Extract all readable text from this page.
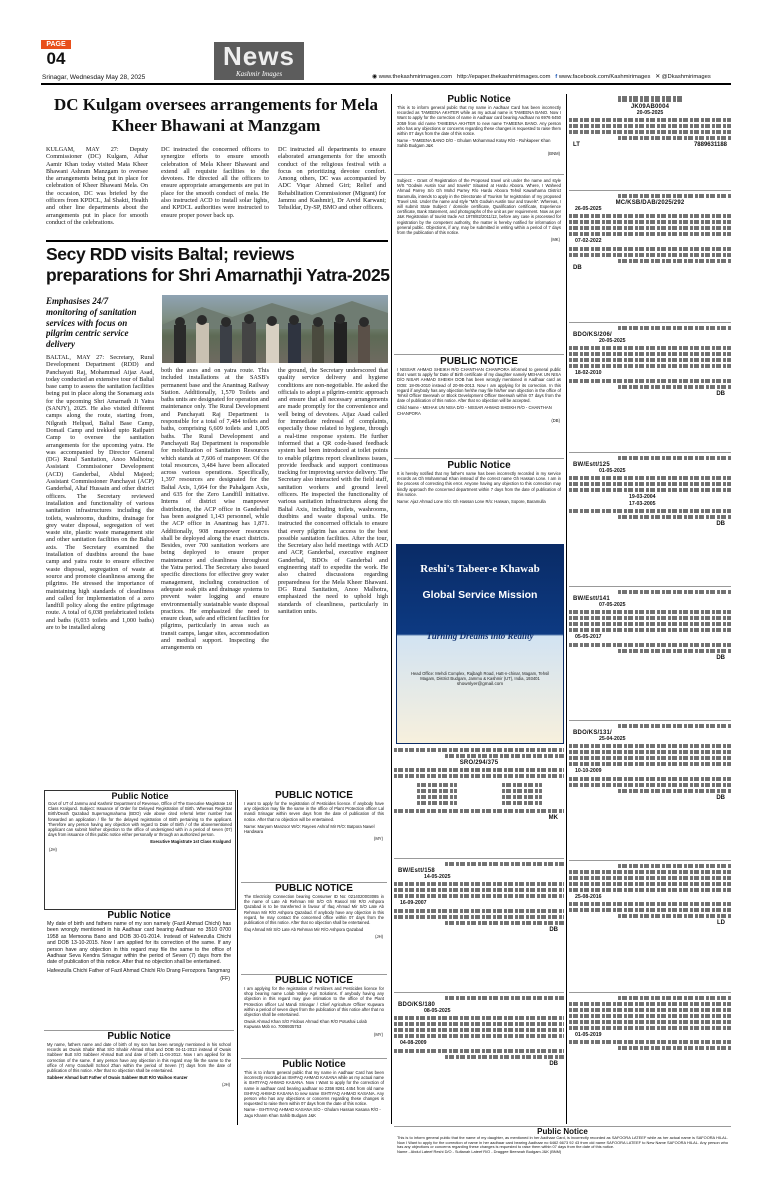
PAGE
04	News
Kashmir Images
Srinagar, Wednesday May 28, 2025	◉ www.thekashmirimages.com http://epaper.thekashmirimages.com f www.facebook.com/Kashmirimages ✕ @Dkashmirimages
DC Kulgam oversees arrangements for Mela Kheer Bhawani at Manzgam
KULGAM, MAY 27: Deputy Commissioner (DC) Kulgam, Athar Aamir Khan today visited Mata Kheer Bhawani Ashram Manzgam to oversee the arrangements being put in place for celebration of Kheer Bhawani Mela. On the occasion, DC was briefed by the officers from KPDCL, Jal Shakti, Health and other line departments about the arrangements put in place for smooth conduct of the celebrations.
DC instructed the concerned officers to synergize efforts to ensure smooth celebration of Mela Kheer Bhawani and extend all requisite facilities to the devotees. He directed all the officers to ensure appropriate arrangements are put in place for the smooth conduct of mela. He also instructed ACD to install solar lights, and KPDCL authorities were instructed to ensure proper power back up.
DC instructed all departments to ensure elaborated arrangements for the smooth conduct of the religious festival with a focus on prioritizing devotee comfort. Among others, DC was accompanied by ADC Viqar Ahmed Giri; Relief and Rehabilitation Commissioner (Migrant) for Jammu and Kashmir), Dr Arvid Karwani; Tehsildar, Dy-SP, BMO and other officers.
Secy RDD visits Baltal; reviews preparations for Shri Amarnathji Yatra-2025
Emphasises 24/7 monitoring of sanitation services with focus on pilgrim centric service delivery
BALTAL, MAY 27: Secretary, Rural Development Department (RDD) and Panchayati Raj, Mohammad Aijaz Asad, today conducted an extensive tour of Baltal base camp to assess the sanitation facilities being put in place along the Sonamarg axis for the upcoming Shri Amarnath Ji Yatra (SANJY), 2025. He also visited different camps along the route, starting from, Nilgrath Helipad, Baltal Base Camp, Domail Camp and trekked upto Railpatri Camp to oversee the sanitation arrangements for the upcoming yatra. He was accompanied by Director General (DG) Rural Sanitation, Anoo Malhotra; Assistant Commissioner Development (ACD) Ganderbal, Abdul Majeed; Assistant Commissioner Panchayat (ACP) Ganderbal, Altaf Hussain and other district officers. The Secretary reviewed installation and functionality of various sanitation infrastructures including the toilets, washrooms, dustbins, drainage for grey water disposal, segregation of wet waste site, plastic waste management site and other sanitation facilities on the Baltal axis. The Secretary examined the installation of dustbins around the base camp and yatra route to ensure effective waste disposal, segregation of waste at source and promote cleanliness among the pilgrims. He stressed the importance of maintaining high standards of cleanliness and called for implementation of a zero landfill policy along the entire pilgrimage route. A total of 6,038 prefabricated toilets and baths (6,033 toilets and 1,000 baths) are to be installed along
both the axes and on yatra route. This included installations at the SASB's permanent base and the Anantnag Railway Station. Additionally, 1,570 Toilets and baths units are designated for operation and maintenance only. The Rural Development and Panchayati Raj Department is responsible for a total of 7,484 toilets and baths, comprising 6,609 toilets and 1,005 baths. The Rural Development and Panchayati Raj Department is responsible for mobilization of Sanitation Resources which stands at 7,606 of manpower. Of the total resources, 3,484 have been allocated across various operations. Specifically, 1,397 resources are designated for the Baltal Axis, 1,664 for the Pahalgam Axis, and 635 for the Zero Landfill initiative. Interns of district wise manpower distribution, the ACP office in Ganderbal has been assigned 1,143 personnel, while the ACP office in Anantnag has 1,871. Additionally, 908 manpower resources shall be deployed along the exact districts. Besides, over 700 sanitation workers are being deployed to ensure proper maintenance and cleanliness throughout the Yatra period. The Secretary also issued specific directions for effective grey water management, including construction of adequate soak pits and drainage systems to prevent water logging and ensure environmentally sustainable waste disposal practices. He emphasized the need to ensure clean, safe and efficient facilities for pilgrims, particularly in areas such as transit camps, langar sites, accommodation and medical support. Inspecting the arrangements on
the ground, the Secretary underscored that quality service delivery and hygiene conditions are non-negotiable. He asked the officials to adopt a pilgrim-centric approach and ensure that all necessary arrangements are made promptly for the convenience and well being of devotees. Aijaz Asad called for immediate redressal of complaints, especially those related to hygiene, through a real-time response system. He further informed that a QR code-based feedback system had been introduced at toilet points to enable pilgrims report cleanliness issues, provide feedback and support continuous tracking for improving service delivery. The Secretary also interacted with the field staff, sanitation workers and ground level officers. He inspected the functionality of various sanitation infrastructures along the Baltal Axis, including toilets, washrooms, dustbins and waste disposal units. He instructed the concerned officials to ensure that every pilgrim has access to the best possible sanitation facilities. After the tour, the Secretary also held meetings with ACD and ACP, Ganderbal, executive engineer Ganderbal, BDOs of Ganderbal and engineering staff to expedite the work. He also chaired discussions regarding preparedness for the Mela Kheer Bhawani. DG Rural Sanitation, Anoo Malhotra, emphasized the need to uphold high standards of cleanliness, particularly in sanitation units.
Public Notice
Govt of UT of Jammu and Kashmir Department of Revenue, Office of The Executive Magistrate 1st Class Kralgund. Subject: Issuance of Order for Delayed Registration of Birth. Whereas Registrar Birth/Death Qazabad Supernagmahama (BDO) vide above cited referral letter number has forwarded an application / file for the delayed registration of Birth pertaining to the applicant. Therefore any person having any objection with regard to Date of Birth / of the abovementioned applicant can submit his/her objection to the office of undersigned with in a period of seven (07) days from issuance of this public notice either personally or through an authorized person.
Executive Magistrate 1st Class Kralgund
(JH)
Public Notice
My date of birth and fathers name of my son namely (Fazil Ahmad Chichi) has been wrongly mentioned in his Aadhaar card bearing Aadhaar no 3510 0700 1958 as Memoona Bano and DOB 30-01-2014. Instead of Hafeezulla Chichi and DOB 13-10-2015. Now I am applied for its correction of the same. If any person have any objection in this regard may file the same to the office of Aadhaar Seva Kendra Srinagar within the period of Seven (7) days from the date of publication of this notice. After that no objection shall be entertained.
Hafeezulla Chichi Father of Fazil Ahmad Chichi R/o Drang Ferozpora Tangmarg
(FF)
Public Notice
My name, fathers name and date of birth of my son has been wrongly mentioned in his school records as Owais Shabir Bhat S/O Shabir Ahmad Bhat and DOB 04-11-2013 instead of Owais Sabbeer Butt S/O Sabbeer Ahmad Butt and date of birth 11-04-2012. Now I am applied for its correction of the same. If any person have any objection in this regard may file the same to the office of Army Goodwill School Zhan within the period of Seven (7) days from the date of publication of this notice. After that no objection shall be entertained.
Sabbeer Ahmad butt Father of Owais Sabbeer Butt R/O Waihoo Kunzer
(JH)
PUBLIC NOTICE
I want to apply for the registration of Pesticides licence. If anybody have any objection may file the same in the office of Plant Protection officer Lal mandi Srinagar within seven days from the date of publication of this notice. After that no objection will be entertained.
Name: Maryam Manzoor W/O: Rayees Ashraf Mir R/O: Batpora Nawel Handwara
(MY)
PUBLIC NOTICE
The Electricity Connection bearing Consumer ID No: 0214020003085 in the name of Late Ab Rehman Mir S/O Gh Rasool Mir R/O Ashpora Qazabad is to be transferred in favour of Ifaq Ahmad Mir S/O Late Ab Rehman Mir R/O Ashpora Qazabad. If anybody have any objection in this regard, he may contact the concerned office within 07 days from the publication of this notice. After that no objection shall be entertained.
Ifaq Ahmad Mir S/O Late Ab Rehman Mir R/O Ashpora Qazabad
(JH)
PUBLIC NOTICE
I am applying for the registration of Fertilizers and Pesticides licence for shop bearing name Lolab Valley Agri Solutions. If anybody having any objection in this regard may give intimation to the office of the Plant Protection officer Lal Mandi Srinagar / Chief Agriculture Officer Kupwara within a period of seven days from the publication of this notice after that no objection shall be entertained.
Owais Ahmad Khan S/O Firdous Ahmad Khan R/O Potushai Lolab Kupwara Mob no. 7006935753
(MY)
Public Notice
This is to inform general public that my name in Aadhaar Card has been incorrectly recorded as ISHFAQ AHMAD KASANA while as my actual name is ISHTIYAQ AHMAD KASANA. Now I Want to apply for the correction of name in aadhaar card bearing aadhaar no 2356 8261 4454 from old name ISHFAQ AHMAD KASANA to new name ISHTIYAQ AHMAD KASANA. Any person who has any objections or concerns regarding these changes is requested to raise them within 07 days from the date of this notice.
Name - ISHTIYAQ AHMAD KASANA S/O - Ghulam Hassan Kasana R/O - Jagu Khanm Khan Sahib Budgam J&K
Public Notice
This is to inform general public that my name in Aadhaar Card has been incorrectly recorded as TAMEENA AKHTER while as my actual name is TAMEENA BANO. Now I Want to apply for the correction of name in Aadhaar card bearing Aadhaar no 6976 6450 2059 from old name TAMEENA AKHTER to new name TAMEENA BANO. Any person who has any objections or concerns regarding these changes is requested to raise them within 07 days from the date of this notice.
Name - TAMEENA BANO D/O - Ghulam Mohammad Kotay R/O - Ruhkapeer Khan Sahib Budgam J&K
(BNM)
Subject: - Grant of Registration of the Proposed travel unit under the name and style M/S "Godwin Austin tour and travels" Situated at Hardu Aboora. Where, I Waheed Ahmad Parrey S/o Gh Mohd Parrey R/o Hardu Aboora Tehsil Kawarhama District Baramulla, intends to apply in the Directorate of Tourism for registration of my proposed Travel Unit. Under the name and style "M/S Godwin Austin tour and travels". Whereas, I will submit State Subject / domicile certificate, Qualification certificate, Experience certificate, Bank Statement, and photographs of the unit as per requirement. Now as per J&K Registration of tourist trade Act 1978/82/2011/12, before any case is processed for registration by the competent authority, the matter is hereby notified for information of general public. Objections, if any, may be submitted in writing within a period of 7 days from the publication of this notice.
(MK)
PUBLIC NOTICE
I NISSAR AHMAD SHEIKH R/O CHANTHAN CHANPORA informed to general public that I want to apply for Date of Birth certificate of my daughter namely MEHAK UN NISA D/O NISAR AHMAD SHEIKH DOB has been wrongly mentioned in Aadhaar card as DOB: 18-05-2010 instead of 20-06-2013. Now I am applying for its correction. In this regard if anybody has any objection he/she may file his/her own objection in the office of Tehsil Officer Beerwah or Block Development Officer Beerwah within 07 days from the date of publication of this notice. After that no objection will be accepted.
Child Name - MEHAK UN NISA D/O - NISSAR AHMAD SHEIKH R/O - CHANTHAN CHANPORA
(DB)
Public Notice
It is hereby notified that my father's name has been incorrectly recorded in my service records as Gh Mohammad Khan instead of the correct name Gh Hassan Lone. I am in the process of correcting this error. Anyone having any objection to this correction may kindly approach the concerned department within 7 days from the date of publication of this notice.
Name: Ajaz Ahmad Lone S/o: Gh Hassan Lone R/o: Harwan, Sopore, Baramulla
Reshi's Tabeer-e Khawab
Global Service Mission
Turning Dreams into Reality
Head Office: Mehdi Complex, Rajbagh Road, Hatt-n-chinar, Magam, Tehsil Magam, District Budgam, Jammu & Kashmir (UT), India, 193401
shownlyer@gmail.com
SRO/294/375
MK
BW/Estt/158
14-05-2025
16-09-2007
DB
BDO/KS/180
08-05-2025
04-08-2009
DB
JK09AB0004
20-05-2025
LT	7889631188
MC/KSB/DAB/2025/292
26-05-2025
07-02-2022
DB
BDO/KS/206/
20-05-2025
18-02-2010
DB
BW/Estt/125
01-05-2025
19-03-2004
17-03-2005
DB
BW/Estt/141
07-05-2025
05-05-2017
DB
BDO/KS/131/
25-04-2025
10-10-2009
DB
25-08-2016
LD
01-05-2019
Public Notice
This is to inform general public that the name of my daughter, as mentioned in her Aadhaar Card, is incorrectly recorded as SAFOORA LATEEF while as her actual name is SAFOORA HILAL. Now I Want to apply for the correction of name in her aadhaar card bearing Aadhaar no 6462 6673 92 43 from old name SAFOORA LATEEF to New Name SAFOORA HILAL. Any person who has any objections or concerns regarding these changes is requested to raise them within 07 days from the date of this notice.
Name - Abdul Lateef Reshi D/O - Sultanah Lateef R/O - Draggee Beerwah Budgam J&K (BNM)
